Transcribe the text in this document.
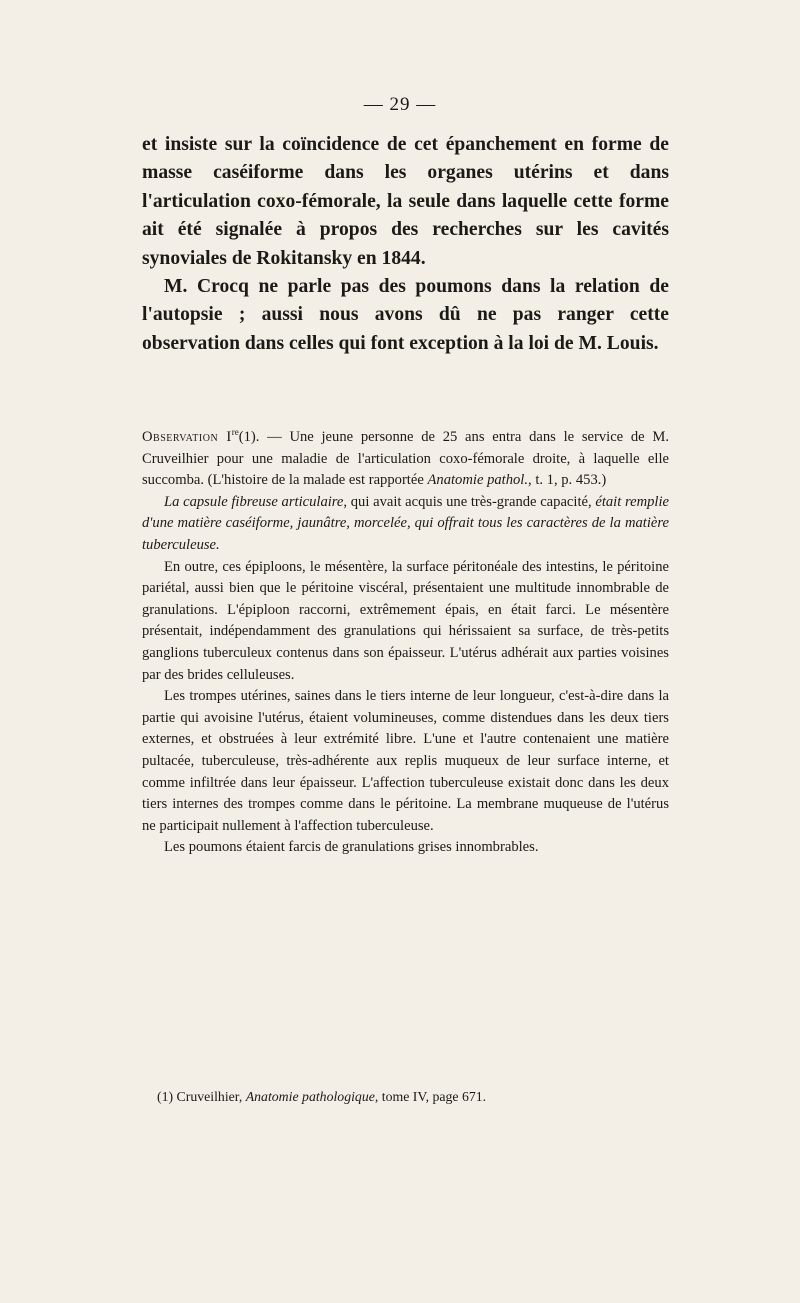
— 29 —

et insiste sur la coïncidence de cet épanchement en forme de masse caséiforme dans les organes utérins et dans l'articulation coxo-fémorale, la seule dans laquelle cette forme ait été signalée à propos des recherches sur les cavités synoviales de Rokitansky en 1844.

M. Crocq ne parle pas des poumons dans la relation de l'autopsie ; aussi nous avons dû ne pas ranger cette observation dans celles qui font exception à la loi de M. Louis.

Observation Ire(1). — Une jeune personne de 25 ans entra dans le service de M. Cruveilhier pour une maladie de l'articulation coxo-fémorale droite, à laquelle elle succomba. (L'histoire de la malade est rapportée Anatomie pathol., t. 1, p. 453.)

La capsule fibreuse articulaire, qui avait acquis une très-grande capacité, était remplie d'une matière caséiforme, jaunâtre, morcelée, qui offrait tous les caractères de la matière tuberculeuse.

En outre, ces épiploons, le mésentère, la surface péritonéale des intestins, le péritoine pariétal, aussi bien que le péritoine viscéral, présentaient une multitude innombrable de granulations. L'épiploon raccorni, extrêmement épais, en était farci. Le mésentère présentait, indépendamment des granulations qui hérissaient sa surface, de très-petits ganglions tuberculeux contenus dans son épaisseur. L'utérus adhérait aux parties voisines par des brides celluleuses.

Les trompes utérines, saines dans le tiers interne de leur longueur, c'est-à-dire dans la partie qui avoisine l'utérus, étaient volumineuses, comme distendues dans les deux tiers externes, et obstruées à leur extrémité libre. L'une et l'autre contenaient une matière pultacée, tuberculeuse, très-adhérente aux replis muqueux de leur surface interne, et comme infiltrée dans leur épaisseur. L'affection tuberculeuse existait donc dans les deux tiers internes des trompes comme dans le péritoine. La membrane muqueuse de l'utérus ne participait nullement à l'affection tuberculeuse.

Les poumons étaient farcis de granulations grises innombrables.

(1) Cruveilhier, Anatomie pathologique, tome IV, page 671.
